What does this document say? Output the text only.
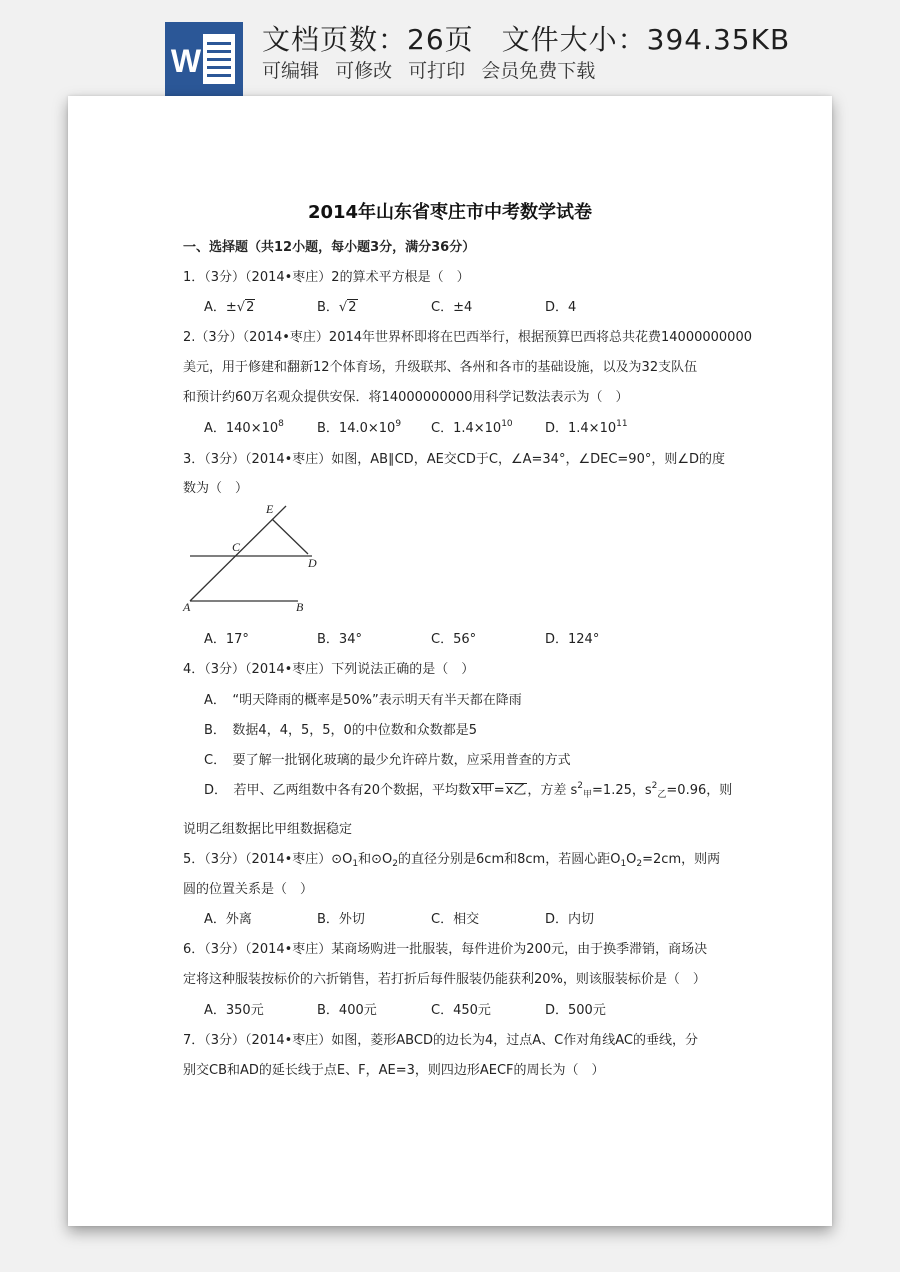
W
文档页数：26页 文件大小：394.35KB
可编辑 可修改 可打印 会员免费下载
2014年山东省枣庄市中考数学试卷
一、选择题（共12小题，每小题3分，满分36分）
1．（3分）（2014•枣庄）2的算术平方根是（　）
A．±√2	B．√2	C．±4	D．4
2.（3分）（2014•枣庄）2014年世界杯即将在巴西举行，根据预算巴西将总共花费14000000000
美元，用于修建和翻新12个体育场，升级联邦、各州和各市的基础设施，以及为32支队伍
和预计约60万名观众提供安保．将14000000000用科学记数法表示为（　）
A．$140\times 10^8$	B．$14.0\times 10^9$ C．$1.4\times 10^{10}$ D．$1.4\times 10^{11}$
3．（3分）（2014•枣庄）如图，AB∥CD，AE交CD于C，∠A=34°，∠DEC=90°，则∠D的度
数为（　）
E
C
D
A	B
A．17°	B．34°	C．56°	D．124°
4．（3分）（2014•枣庄）下列说法正确的是（　）
A．　“明天降雨的概率是50%”表示明天有半天都在降雨
B．　数据4，4，5，5，0的中位数和众数都是5
C．　要了解一批钢化玻璃的最少允许碎片数，应采用普查的方式
D．　若甲、乙两组数中各有20个数据，平均数x甲=x乙，方差 $s^2_甲=1.25$，$s^2_乙=0.96$，则
说明乙组数据比甲组数据稳定
5．（3分）（2014•枣庄）$⊙O_1$和$⊙O_2$的直径分别是6cm和8cm，若圆心距$O_1O_2=2cm$，则两
圆的位置关系是（　）
A．外离	B．外切	C．相交	D．内切
6．（3分）（2014•枣庄）某商场购进一批服装，每件进价为200元，由于换季滞销，商场决
定将这种服装按标价的六折销售，若打折后每件服装仍能获利20%，则该服装标价是（　）
A．350元	B．400元	C．450元	D．500元
7．（3分）（2014•枣庄）如图，菱形ABCD的边长为4，过点A、C作对角线AC的垂线，分
别交CB和AD的延长线于点E、F，AE=3，则四边形AECF的周长为（　）
